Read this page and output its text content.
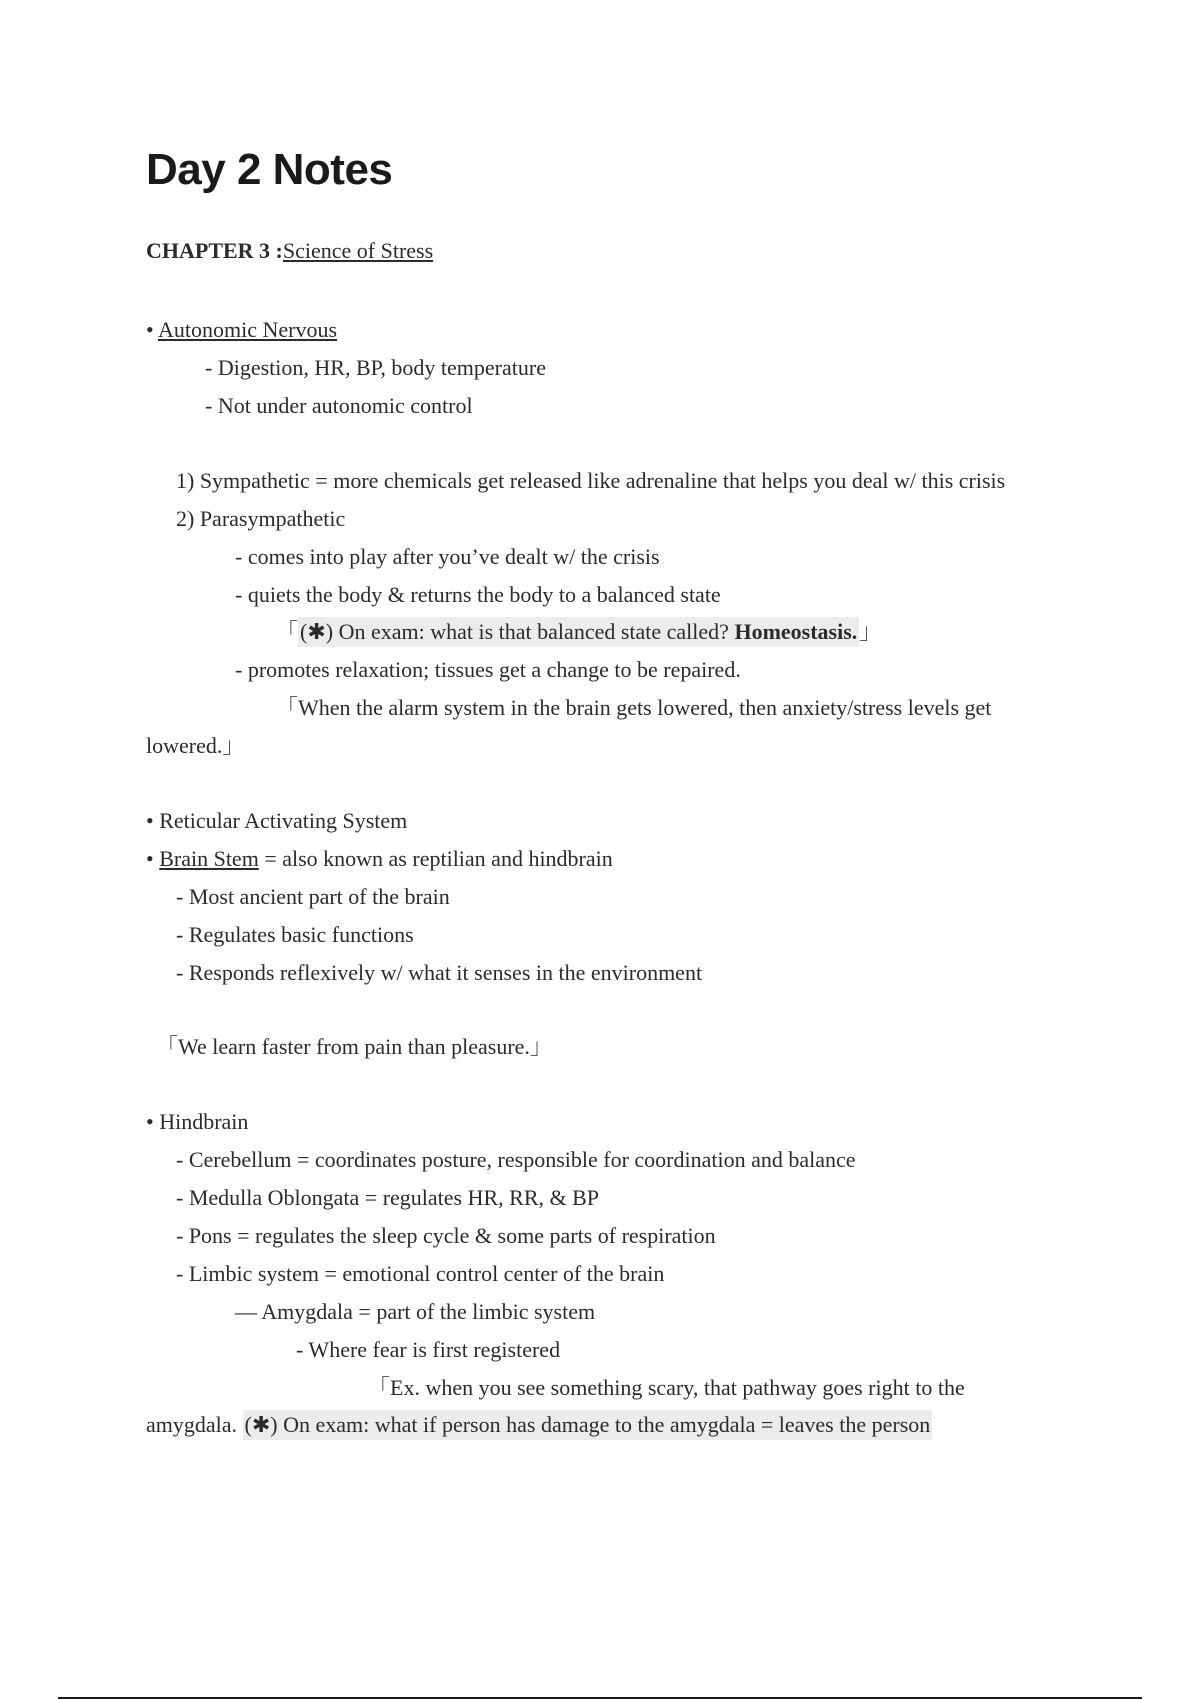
Day 2 Notes
CHAPTER 3 :Science of Stress
• Autonomic Nervous
- Digestion, HR, BP, body temperature
- Not under autonomic control
1) Sympathetic = more chemicals get released like adrenaline that helps you deal w/ this crisis
2) Parasympathetic
- comes into play after you’ve dealt w/ the crisis
- quiets the body & returns the body to a balanced state
「(✱) On exam: what is that balanced state called? Homeostasis.」
- promotes relaxation; tissues get a change to be repaired.
「When the alarm system in the brain gets lowered, then anxiety/stress levels get
lowered.」
• Reticular Activating System
• Brain Stem = also known as reptilian and hindbrain
- Most ancient part of the brain
- Regulates basic functions
- Responds reflexively w/ what it senses in the environment
「We learn faster from pain than pleasure.」
• Hindbrain
- Cerebellum = coordinates posture, responsible for coordination and balance
- Medulla Oblongata = regulates HR, RR, & BP
- Pons = regulates the sleep cycle & some parts of respiration
- Limbic system = emotional control center of the brain
— Amygdala = part of the limbic system
- Where fear is first registered
「Ex. when you see something scary, that pathway goes right to the
amygdala. (✱) On exam: what if person has damage to the amygdala = leaves the person
